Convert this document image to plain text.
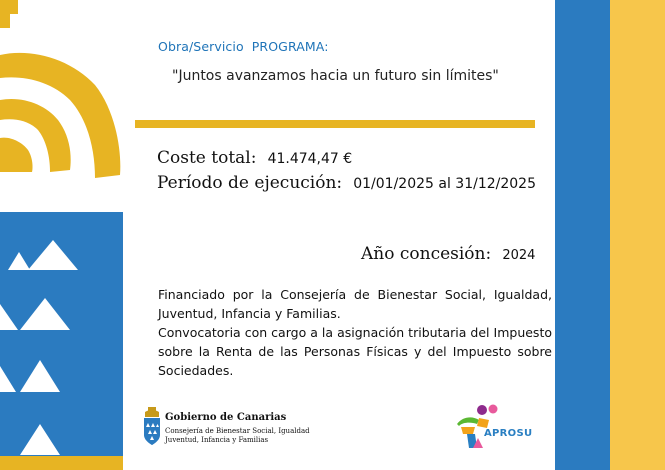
Obra/Servicio PROGRAMA:
"Juntos avanzamos hacia un futuro sin límites"
Coste total: 41.474,47 €
Período de ejecución: 01/01/2025 al 31/12/2025
Año concesión: 2024
Financiado por la Consejería de Bienestar Social, Igualdad, Juventud, Infancia y Familias.
Convocatoria con cargo a la asignación tributaria del Impuesto sobre la Renta de las Personas Físicas y del Impuesto sobre Sociedades.
Gobierno de Canarias
Consejería de Bienestar Social, Igualdad
Juventud, Infancia y Familias
APROSU
